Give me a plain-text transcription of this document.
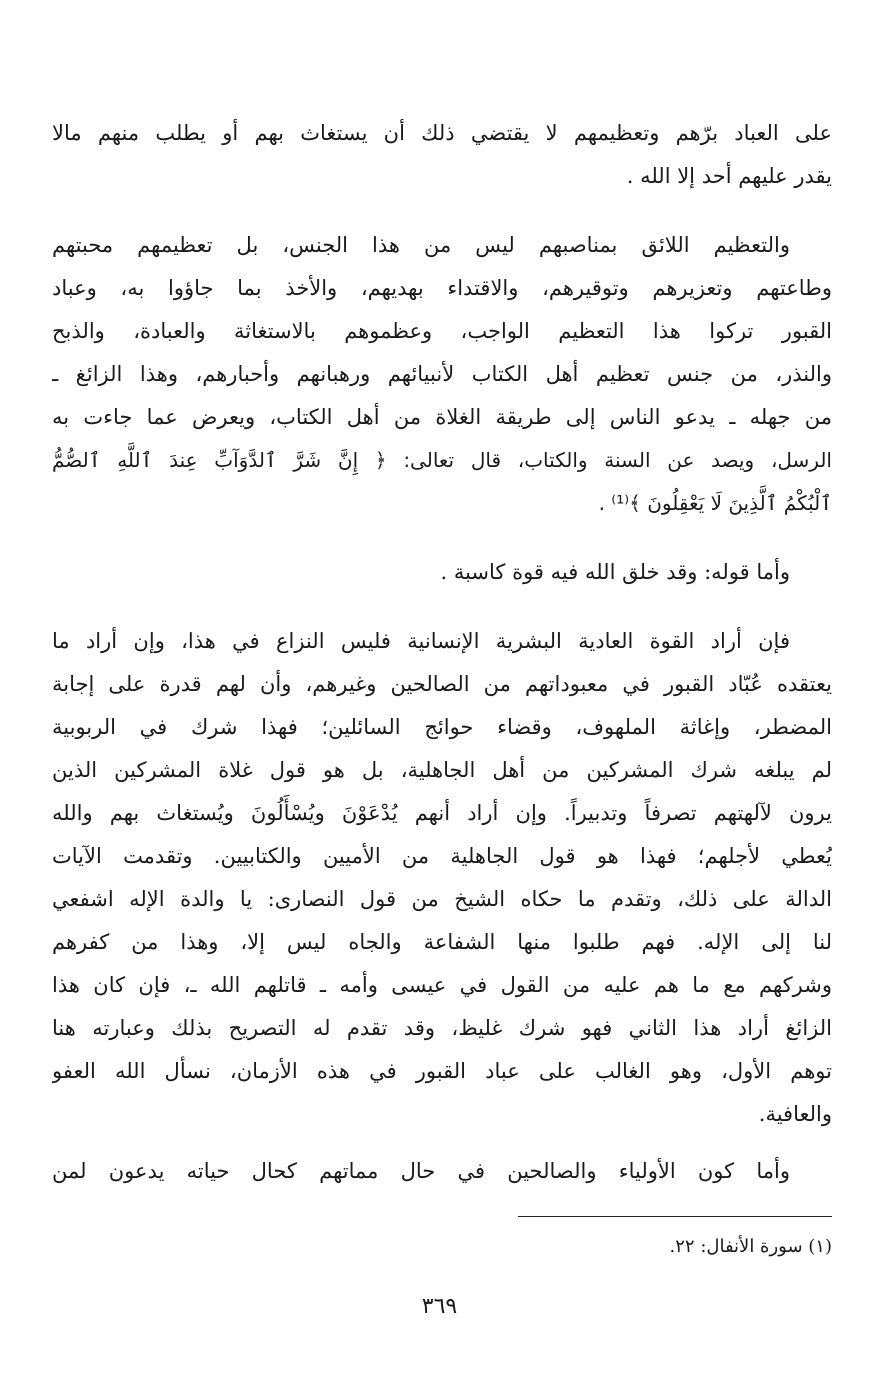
على العباد برّهم وتعظيمهم لا يقتضي ذلك أن يستغاث بهم أو يطلب منهم مالا
يقدر عليهم أحد إلا الله .
والتعظيم اللائق بمناصبهم ليس من هذا الجنس، بل تعظيمهم محبتهم
وطاعتهم وتعزيرهم وتوقيرهم، والاقتداء بهديهم، والأخذ بما جاؤوا به، وعباد
القبور تركوا هذا التعظيم الواجب، وعظموهم بالاستغاثة والعبادة، والذبح
والنذر، من جنس تعظيم أهل الكتاب لأنبيائهم ورهبانهم وأحبارهم، وهذا الزائغ ـ
من جهله ـ يدعو الناس إلى طريقة الغلاة من أهل الكتاب، ويعرض عما جاءت به
الرسل، ويصد عن السنة والكتاب، قال تعالى: ﴿ إِنَّ شَرَّ ٱلدَّوَآبِّ عِندَ ٱللَّهِ ٱلصُّمُّ
ٱلْبُكْمُ ٱلَّذِينَ لَا يَعْقِلُونَ ﴾⁽¹⁾ .
وأما قوله: وقد خلق الله فيه قوة كاسبة .
فإن أراد القوة العادية البشرية الإنسانية فليس النزاع في هذا، وإن أراد ما
يعتقده عُبّاد القبور في معبوداتهم من الصالحين وغيرهم، وأن لهم قدرة على إجابة
المضطر، وإغاثة الملهوف، وقضاء حوائج السائلين؛ فهذا شرك في الربوبية
لم يبلغه شرك المشركين من أهل الجاهلية، بل هو قول غلاة المشركين الذين
يرون لآلهتهم تصرفاً وتدبيراً. وإن أراد أنهم يُدْعَوْنَ ويُسْأَلُونَ ويُستغاث بهم والله
يُعطي لأجلهم؛ فهذا هو قول الجاهلية من الأميين والكتابيين. وتقدمت الآيات
الدالة على ذلك، وتقدم ما حكاه الشيخ من قول النصارى: يا والدة الإله اشفعي
لنا إلى الإله. فهم طلبوا منها الشفاعة والجاه ليس إلا، وهذا من كفرهم
وشركهم مع ما هم عليه من القول في عيسى وأمه ـ قاتلهم الله ـ، فإن كان هذا
الزائغ أراد هذا الثاني فهو شرك غليظ، وقد تقدم له التصريح بذلك وعبارته هنا
توهم الأول، وهو الغالب على عباد القبور في هذه الأزمان، نسأل الله العفو
والعافية.
وأما كون الأولياء والصالحين في حال مماتهم كحال حياته يدعون لمن
(١) سورة الأنفال: ٢٢.
٣٦٩
